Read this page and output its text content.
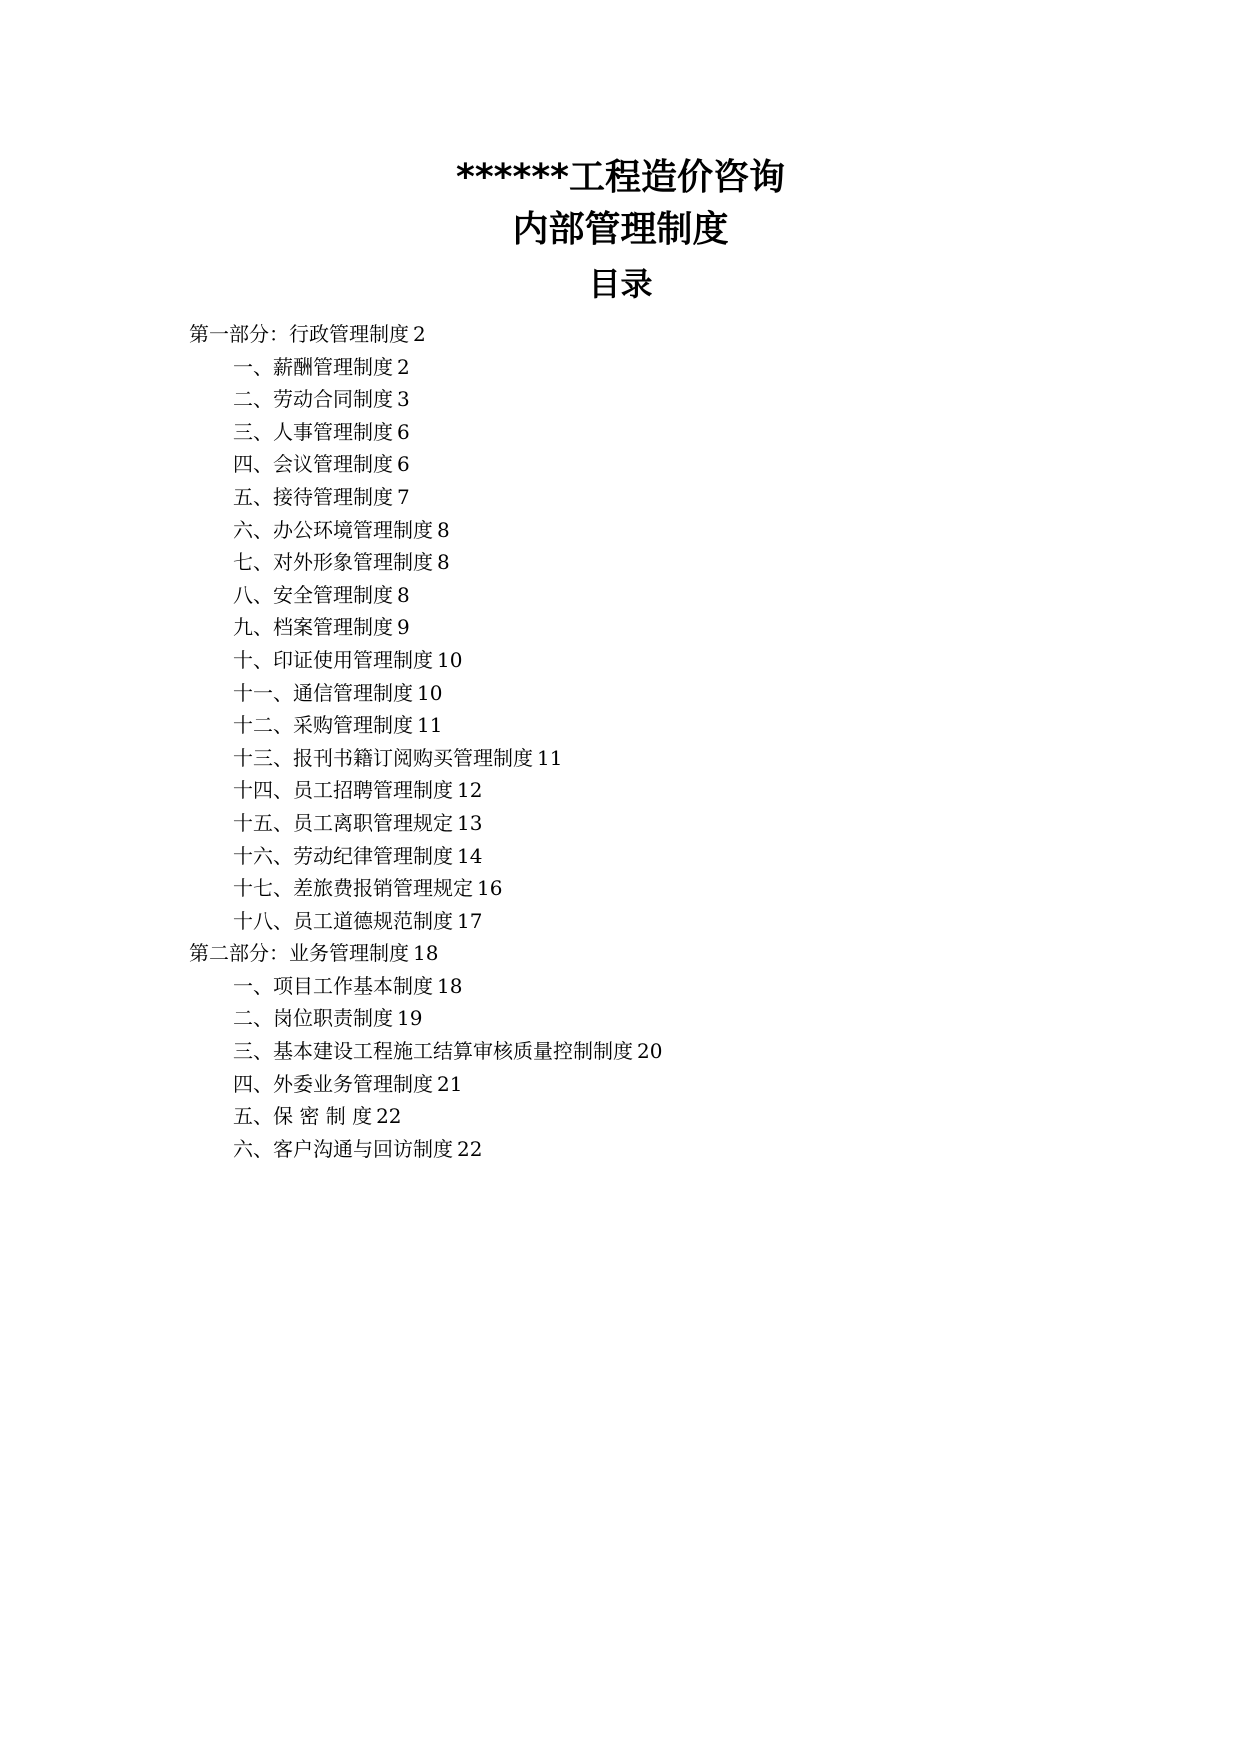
******工程造价咨询
内部管理制度
目录
第一部分：行政管理制度 2
一、薪酬管理制度 2
二、劳动合同制度 3
三、人事管理制度 6
四、会议管理制度 6
五、接待管理制度 7
六、办公环境管理制度 8
七、对外形象管理制度 8
八、安全管理制度 8
九、档案管理制度 9
十、印证使用管理制度 10
十一、通信管理制度 10
十二、采购管理制度 11
十三、报刊书籍订阅购买管理制度 11
十四、员工招聘管理制度 12
十五、员工离职管理规定 13
十六、劳动纪律管理制度 14
十七、差旅费报销管理规定 16
十八、员工道德规范制度 17
第二部分：业务管理制度 18
一、项目工作基本制度 18
二、岗位职责制度 19
三、基本建设工程施工结算审核质量控制制度 20
四、外委业务管理制度 21
五、保 密 制 度 22
六、客户沟通与回访制度 22
